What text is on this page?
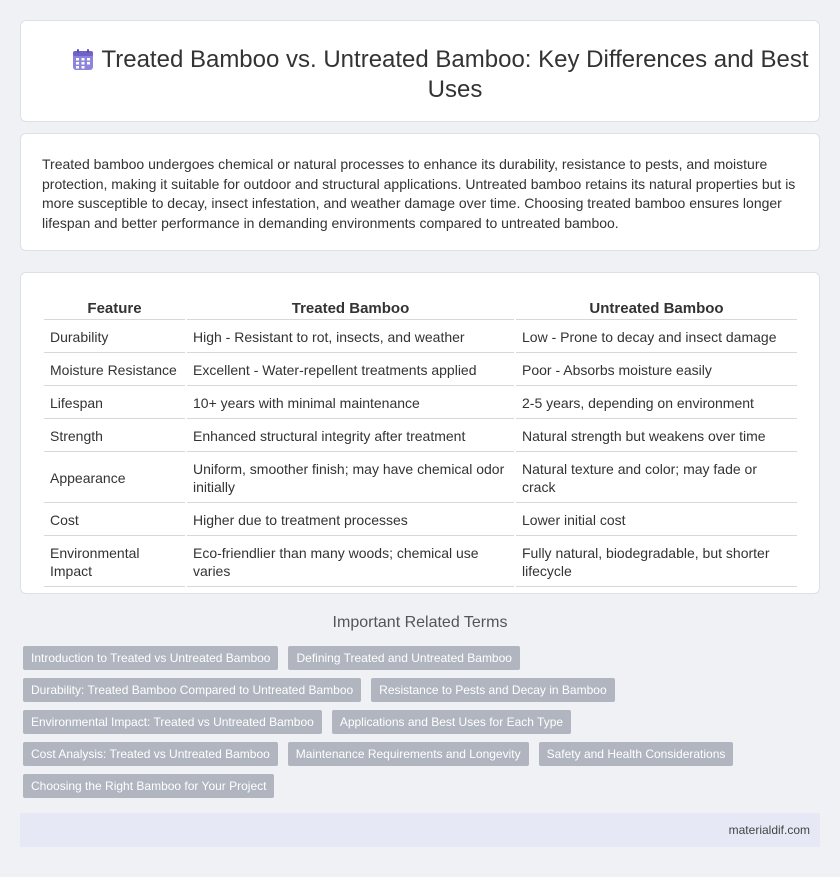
Treated Bamboo vs. Untreated Bamboo: Key Differences and Best Uses

Treated bamboo undergoes chemical or natural processes to enhance its durability, resistance to pests, and moisture protection, making it suitable for outdoor and structural applications. Untreated bamboo retains its natural properties but is more susceptible to decay, insect infestation, and weather damage over time. Choosing treated bamboo ensures longer lifespan and better performance in demanding environments compared to untreated bamboo.

Feature	Treated Bamboo	Untreated Bamboo
Durability	High - Resistant to rot, insects, and weather	Low - Prone to decay and insect damage
Moisture Resistance	Excellent - Water-repellent treatments applied	Poor - Absorbs moisture easily
Lifespan	10+ years with minimal maintenance	2-5 years, depending on environment
Strength	Enhanced structural integrity after treatment	Natural strength but weakens over time
Appearance	Uniform, smoother finish; may have chemical odor initially	Natural texture and color; may fade or crack
Cost	Higher due to treatment processes	Lower initial cost
Environmental Impact	Eco-friendlier than many woods; chemical use varies	Fully natural, biodegradable, but shorter lifecycle
Important Related Terms
Introduction to Treated vs Untreated Bamboo	Defining Treated and Untreated Bamboo
Durability: Treated Bamboo Compared to Untreated Bamboo	Resistance to Pests and Decay in Bamboo
Environmental Impact: Treated vs Untreated Bamboo	Applications and Best Uses for Each Type
Cost Analysis: Treated vs Untreated Bamboo	Maintenance Requirements and Longevity	Safety and Health Considerations
Choosing the Right Bamboo for Your Project
materialdif.com
